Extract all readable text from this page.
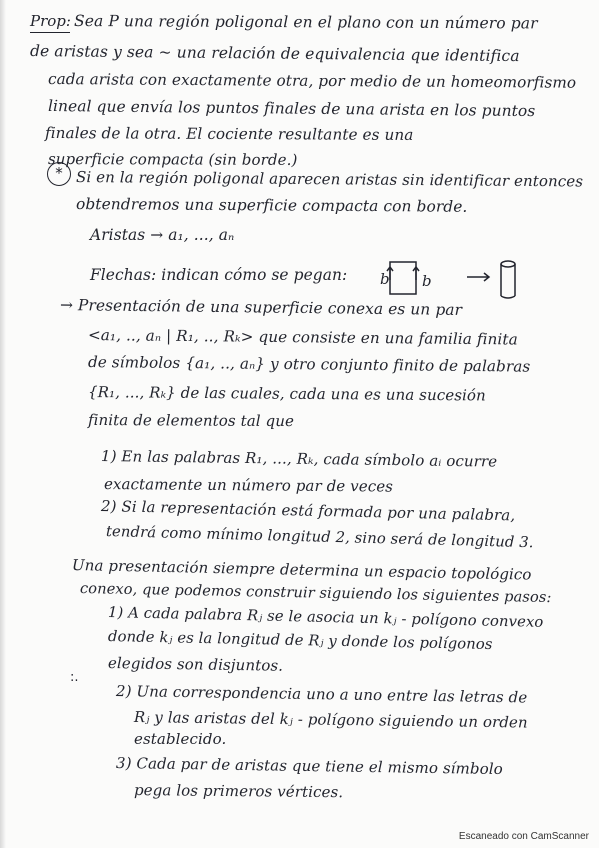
Prop: Sea P una región poligonal en el plano con un número par
de aristas y sea ~ una relación de equivalencia que identifica
cada arista con exactamente otra, por medio de un homeomorfismo
lineal que envía los puntos finales de una arista en los puntos
finales de la otra. El cociente resultante es una
superficie compacta (sin borde.)
* Si en la región poligonal aparecen aristas sin identificar entonces
obtendremos una superficie compacta con borde.
Aristas → a₁, ..., aₙ
Flechas: indican cómo se pegan: b b
→ Presentación de una superficie conexa es un par
<a₁, .., aₙ | R₁, .., Rₖ> que consiste en una familia finita
de símbolos {a₁, .., aₙ} y otro conjunto finito de palabras
{R₁, ..., Rₖ} de las cuales, cada una es una sucesión
finita de elementos tal que
1) En las palabras R₁, ..., Rₖ, cada símbolo aᵢ ocurre
exactamente un número par de veces
2) Si la representación está formada por una palabra,
tendrá como mínimo longitud 2, sino será de longitud 3.
Una presentación siempre determina un espacio topológico
conexo, que podemos construir siguiendo los siguientes pasos:
1) A cada palabra Rⱼ se le asocia un kⱼ - polígono convexo
donde kⱼ es la longitud de Rⱼ y donde los polígonos
elegidos son disjuntos.
:.
2) Una correspondencia uno a uno entre las letras de
Rⱼ y las aristas del kⱼ - polígono siguiendo un orden
establecido.
3) Cada par de aristas que tiene el mismo símbolo
pega los primeros vértices.
Escaneado con CamScanner
